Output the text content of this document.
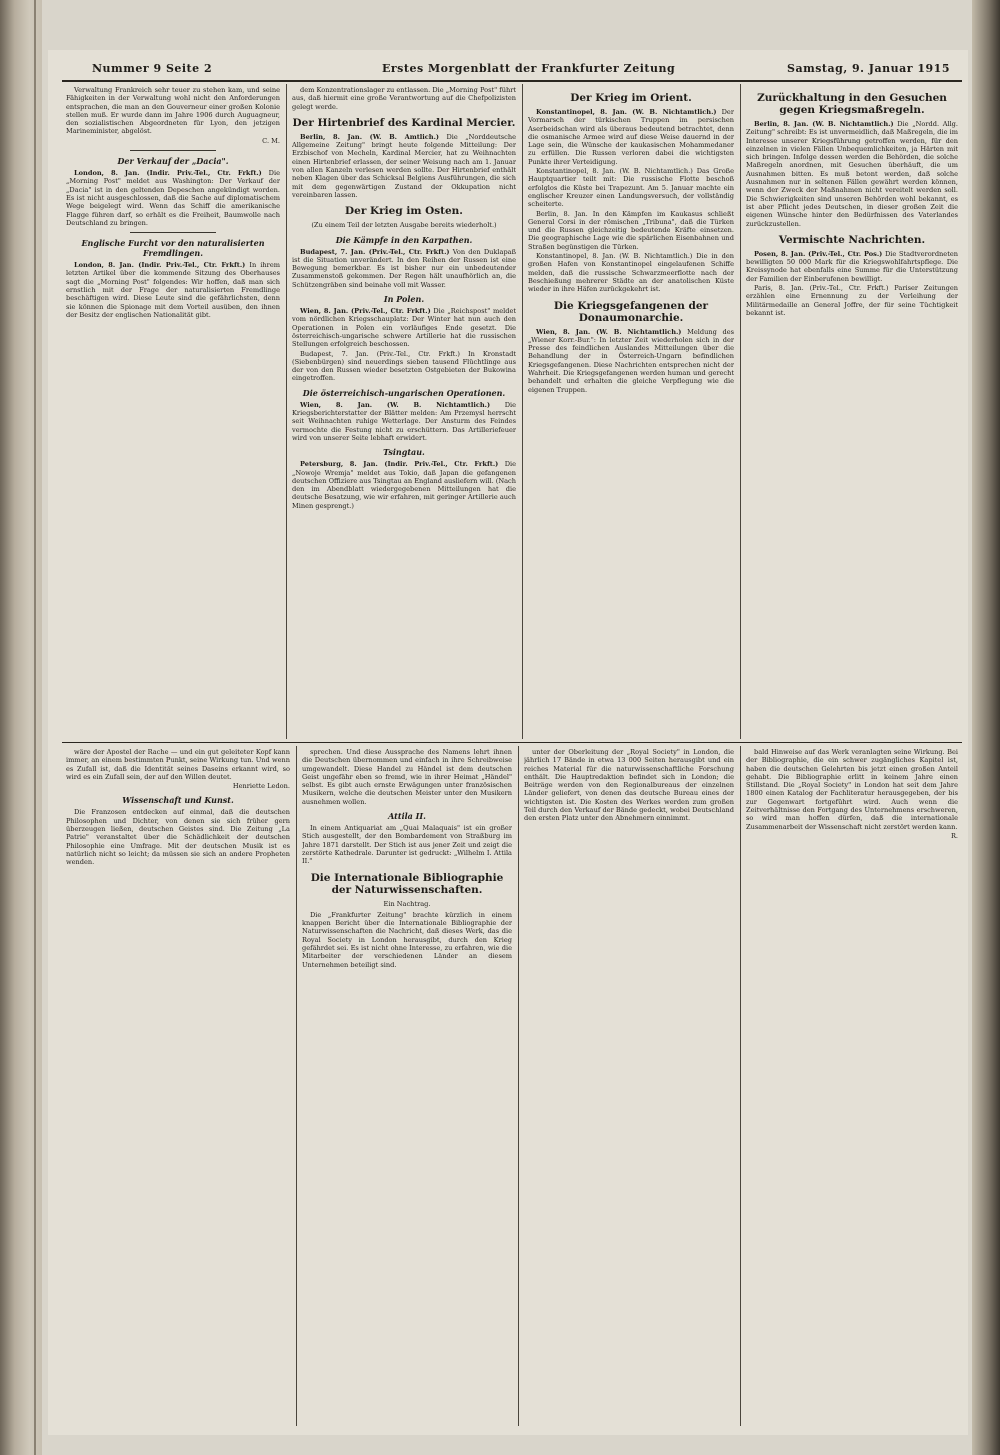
Nummer 9 Seite 2	Erstes Morgenblatt der Frankfurter Zeitung	Samstag, 9. Januar 1915

Verwaltung Frankreich sehr teuer zu stehen kam, und seine Fähigkeiten in der Verwaltung wohl nicht den Anforderungen entsprachen, die man an den Gouverneur einer großen Kolonie stellen muß. Er wurde dann im Jahre 1906 durch Auguagneur, den sozialistischen Abgeordneten für Lyon, den jetzigen Marineminister, abgelöst.

C. M.
Der Verkauf der „Dacia".

London, 8. Jan. (Indir. Priv.-Tel., Ctr. Frkft.) Die „Morning Post" meldet aus Washington: Der Verkauf der „Dacia" ist in den geltenden Depeschen angekündigt worden. Es ist nicht ausgeschlossen, daß die Sache auf diplomatischem Wege beigelegt wird. Wenn das Schiff die amerikanische Flagge führen darf, so erhält es die Freiheit, Baumwolle nach Deutschland zu bringen.

Englische Furcht vor den naturalisierten Fremdlingen.

London, 8. Jan. (Indir. Priv.-Tel., Ctr. Frkft.) In ihrem letzten Artikel über die kommende Sitzung des Oberhauses sagt die „Morning Post" folgendes: Wir hoffen, daß man sich ernstlich mit der Frage der naturalisierten Fremdlinge beschäftigen wird. Diese Leute sind die gefährlichsten, denn sie können die Spionage mit dem Vorteil ausüben, den ihnen der Besitz der englischen Nationalität gibt.

dem Konzentrationslager zu entlassen. Die „Morning Post" führt aus, daß hiermit eine große Verantwortung auf die Chefpolizisten gelegt werde.

Der Hirtenbrief des Kardinal Mercier.

Berlin, 8. Jan. (W. B. Amtlich.) Die „Norddeutsche Allgemeine Zeitung" bringt heute folgende Mitteilung: Der Erzbischof von Mecheln, Kardinal Mercier, hat zu Weihnachten einen Hirtenbrief erlassen, der seiner Weisung nach am 1. Januar von allen Kanzeln verlesen werden sollte. Der Hirtenbrief enthält neben Klagen über das Schicksal Belgiens Ausführungen, die sich mit dem gegenwärtigen Zustand der Okkupation nicht vereinbaren lassen.

Der Krieg im Osten.
(Zu einem Teil der letzten Ausgabe bereits wiederholt.)
Die Kämpfe in den Karpathen.

Budapest, 7. Jan. (Priv.-Tel., Ctr. Frkft.) Von den Duklapaß ist die Situation unverändert. In den Reihen der Russen ist eine Bewegung bemerkbar. Es ist bisher nur ein unbedeutender Zusammenstoß gekommen. Der Regen hält unaufhörlich an, die Schützengräben sind beinahe voll mit Wasser.

In Polen.

Wien, 8. Jan. (Priv.-Tel., Ctr. Frkft.) Die „Reichspost" meldet vom nördlichen Kriegsschauplatz: Der Winter hat nun auch den Operationen in Polen ein vorläufiges Ende gesetzt. Die österreichisch-ungarische schwere Artillerie hat die russischen Stellungen erfolgreich beschossen.

Budapest, 7. Jan. (Priv.-Tel., Ctr. Frkft.) In Kronstadt (Siebenbürgen) sind neuerdings sieben tausend Flüchtlinge aus der von den Russen wieder besetzten Ostgebieten der Bukowina eingetroffen.

Die österreichisch-ungarischen Operationen.

Wien, 8. Jan. (W. B. Nichtamtlich.) Die Kriegsberichterstatter der Blätter melden: Am Przemysl herrscht seit Weihnachten ruhige Wetterlage. Der Ansturm des Feindes vermochte die Festung nicht zu erschüttern. Das Artilleriefeuer wird von unserer Seite lebhaft erwidert.

Tsingtau.

Petersburg, 8. Jan. (Indir. Priv.-Tel., Ctr. Frkft.) Die „Nowoje Wremja" meldet aus Tokio, daß Japan die gefangenen deutschen Offiziere aus Tsingtau an England ausliefern will. (Nach den im Abendblatt wiedergegebenen Mitteilungen hat die deutsche Besatzung, wie wir erfahren, mit geringer Artillerie auch Minen gesprengt.)

Der Krieg im Orient.

Konstantinopel, 8. Jan. (W. B. Nichtamtlich.) Der Vormarsch der türkischen Truppen im persischen Aserbeidschan wird als überaus bedeutend betrachtet, denn die osmanische Armee wird auf diese Weise dauernd in der Lage sein, die Wünsche der kaukasischen Mohammedaner zu erfüllen. Die Russen verloren dabei die wichtigsten Punkte ihrer Verteidigung.

Konstantinopel, 8. Jan. (W. B. Nichtamtlich.) Das Große Hauptquartier teilt mit: Die russische Flotte beschoß erfolglos die Küste bei Trapezunt. Am 5. Januar machte ein englischer Kreuzer einen Landungsversuch, der vollständig scheiterte.

Berlin, 8. Jan. In den Kämpfen im Kaukasus schließt General Corsi in der römischen „Tribuna", daß die Türken und die Russen gleichzeitig bedeutende Kräfte einsetzen. Die geographische Lage wie die spärlichen Eisenbahnen und Straßen begünstigen die Türken.

Konstantinopel, 8. Jan. (W. B. Nichtamtlich.) Die in den großen Hafen von Konstantinopel eingelaufenen Schiffe melden, daß die russische Schwarzmeerflotte nach der Beschießung mehrerer Städte an der anatolischen Küste wieder in ihre Häfen zurückgekehrt ist.

Die Kriegsgefangenen der Donaumonarchie.

Wien, 8. Jan. (W. B. Nichtamtlich.) Meldung des „Wiener Korr.-Bur.": In letzter Zeit wiederholen sich in der Presse des feindlichen Auslandes Mitteilungen über die Behandlung der in Österreich-Ungarn befindlichen Kriegsgefangenen. Diese Nachrichten entsprechen nicht der Wahrheit. Die Kriegsgefangenen werden human und gerecht behandelt und erhalten die gleiche Verpflegung wie die eigenen Truppen.

Zurückhaltung in den Gesuchen gegen Kriegsmaßregeln.

Berlin, 8. Jan. (W. B. Nichtamtlich.) Die „Nordd. Allg. Zeitung" schreibt: Es ist unvermeidlich, daß Maßregeln, die im Interesse unserer Kriegsführung getroffen werden, für den einzelnen in vielen Fällen Unbequemlichkeiten, ja Härten mit sich bringen. Infolge dessen werden die Behörden, die solche Maßregeln anordnen, mit Gesuchen überhäuft, die um Ausnahmen bitten. Es muß betont werden, daß solche Ausnahmen nur in seltenen Fällen gewährt werden können, wenn der Zweck der Maßnahmen nicht vereitelt werden soll. Die Schwierigkeiten sind unseren Behörden wohl bekannt, es ist aber Pflicht jedes Deutschen, in dieser großen Zeit die eigenen Wünsche hinter den Bedürfnissen des Vaterlandes zurückzustellen.

Vermischte Nachrichten.

Posen, 8. Jan. (Priv.-Tel., Ctr. Pos.) Die Stadtverordneten bewilligten 50 000 Mark für die Kriegswohlfahrtspflege. Die Kreissynode hat ebenfalls eine Summe für die Unterstützung der Familien der Einberufenen bewilligt.

Paris, 8. Jan. (Priv.-Tel., Ctr. Frkft.) Pariser Zeitungen erzählen eine Ernennung zu der Verleihung der Militärmedaille an General Joffre, der für seine Tüchtigkeit bekannt ist.

wäre der Apostel der Rache — und ein gut geleiteter Kopf kann immer, an einem bestimmten Punkt, seine Wirkung tun. Und wenn es Zufall ist, daß die Identität seines Daseins erkannt wird, so wird es ein Zufall sein, der auf den Willen deutet.

Henriette Ledon.
Wissenschaft und Kunst.

Die Franzosen entdecken auf einmal, daß die deutschen Philosophen und Dichter, von denen sie sich früher gern überzeugen ließen, deutschen Geistes sind. Die Zeitung „La Patrie" veranstaltet über die Schädlichkeit der deutschen Philosophie eine Umfrage. Mit der deutschen Musik ist es natürlich nicht so leicht; da müssen sie sich an andere Propheten wenden.

sprechen. Und diese Aussprache des Namens lehrt ihnen die Deutschen übernommen und einfach in ihre Schreibweise umgewandelt. Diese Handel zu Händel ist dem deutschen Geist ungefähr eben so fremd, wie in ihrer Heimat „Händel" selbst. Es gibt auch ernste Erwägungen unter französischen Musikern, welche die deutschen Meister unter den Musikern ausnehmen wollen.

Attila II.

In einem Antiquariat am „Quai Malaquais" ist ein großer Stich ausgestellt, der den Bombardement von Straßburg im Jahre 1871 darstellt. Der Stich ist aus jener Zeit und zeigt die zerstörte Kathedrale. Darunter ist gedruckt: „Wilhelm I. Attila II."

Die Internationale Bibliographie der Naturwissenschaften.
Ein Nachtrag.

Die „Frankfurter Zeitung" brachte kürzlich in einem knappen Bericht über die Internationale Bibliographie der Naturwissenschaften die Nachricht, daß dieses Werk, das die Royal Society in London herausgibt, durch den Krieg gefährdet sei. Es ist nicht ohne Interesse, zu erfahren, wie die Mitarbeiter der verschiedenen Länder an diesem Unternehmen beteiligt sind.

unter der Oberleitung der „Royal Society" in London, die jährlich 17 Bände in etwa 13 000 Seiten herausgibt und ein reiches Material für die naturwissenschaftliche Forschung enthält. Die Hauptredaktion befindet sich in London; die Beiträge werden von den Regionalbureaus der einzelnen Länder geliefert, von denen das deutsche Bureau eines der wichtigsten ist. Die Kosten des Werkes werden zum großen Teil durch den Verkauf der Bände gedeckt, wobei Deutschland den ersten Platz unter den Abnehmern einnimmt.

bald Hinweise auf das Werk veranlagten seine Wirkung. Bei der Bibliographie, die ein schwer zugängliches Kapitel ist, haben die deutschen Gelehrten bis jetzt einen großen Anteil gehabt. Die Bibliographie erlitt in keinem Jahre einen Stillstand. Die „Royal Society" in London hat seit dem Jahre 1800 einen Katalog der Fachliteratur herausgegeben, der bis zur Gegenwart fortgeführt wird. Auch wenn die Zeitverhältnisse den Fortgang des Unternehmens erschweren, so wird man hoffen dürfen, daß die internationale Zusammenarbeit der Wissenschaft nicht zerstört werden kann.

R.
